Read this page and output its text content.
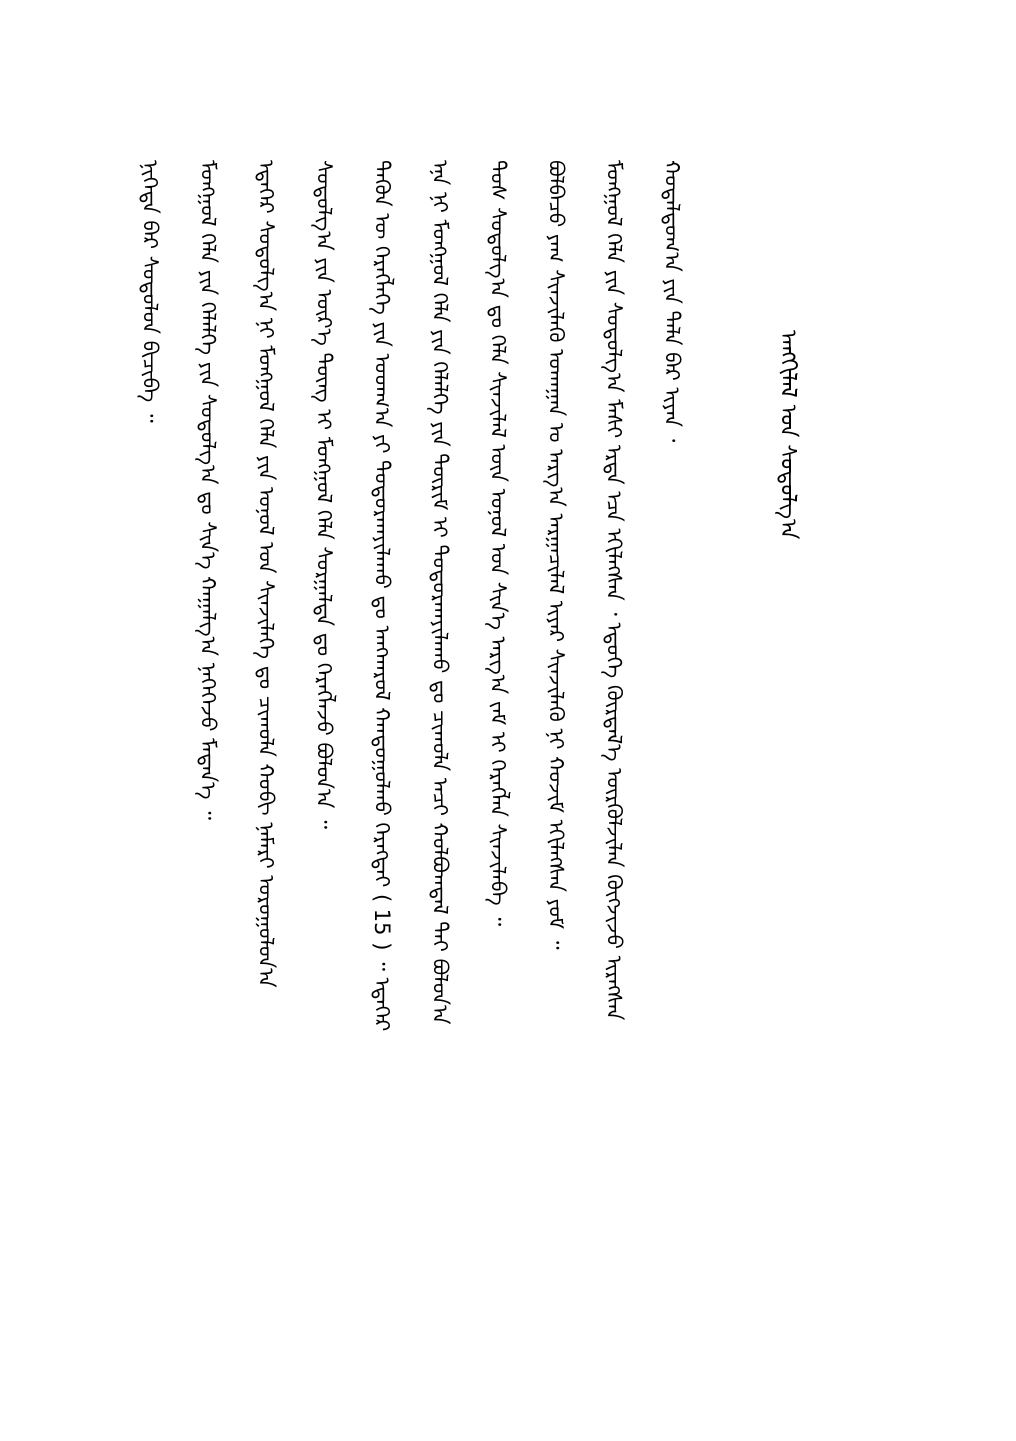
ᠠᠩᠭᠢᠯᠠᠯ ᠤᠨ ᠰᠤᠳᠤᠯᠭ᠎ᠠ
ᠬᠤᠳᠠᠯᠳᠤᠭ᠎ᠠ ᠶᠢᠨ ᠲᠠᠯᠠ ᠪᠠᠷ ᠢᠶᠠᠨ ᠂
ᠮᠣᠩᠭᠣᠯ ᠬᠡᠯᠡ ᠶᠢᠨ ᠰᠤᠳᠤᠯᠭ᠎ᠠ ᠮᠠᠰᠢ ᠡᠷᠲᠡ ᠡᠴᠡ ᠡᠬᠢᠯᠡᠭᠰᠡᠨ ᠂ ᠡᠳᠦᠭᠡ ᠬᠦᠷᠲᠡᠯ᠎ᠡ ᠦᠷᠭᠦᠯᠵᠢᠯᠡᠨ ᠬᠦᠭᠵᠢᠵᠦ ᠢᠷᠡᠭᠰᠡᠨ
ᠪᠣᠯᠪᠠᠴᠤ ᠶᠠᠭ ᠰᠢᠨᠵᠢᠯᠡᠬᠦ ᠤᠬᠠᠭᠠᠨ ᠤ ᠠᠷᠭ᠎ᠠ ᠠᠷᠭᠠᠴᠢᠯᠠᠯ ᠢᠶᠠᠷ ᠰᠢᠨᠵᠢᠯᠡᠬᠦ ᠨᠢ ᠬᠣᠵᠢᠮ ᠡᠬᠢᠯᠡᠭᠰᠡᠨ ᠶᠤᠮ ᠃
ᠲᠤᠰ ᠰᠤᠳᠤᠯᠭ᠎ᠠ ᠳᠤ ᠬᠡᠯᠡ ᠰᠢᠨᠵᠢᠯᠡᠯ ᠦᠨ ᠣᠨᠣᠯ ᠤᠨ ᠰᠢᠨ᠎ᠡ ᠠᠷᠭ᠎ᠠ ᠵᠠᠮ ᠢ ᠬᠡᠷᠡᠭᠯᠡᠨ ᠰᠢᠨᠵᠢᠯᠡᠪᠡ ᠃
ᠡᠨᠡ ᠨᠢ ᠮᠣᠩᠭᠣᠯ ᠬᠡᠯᠡ ᠶᠢᠨ ᠬᠡᠯᠡᠯᠭᠡ ᠶᠢᠨ ᠳᠦᠷᠢᠮ ᠢ ᠲᠣᠳᠣᠷᠬᠠᠶᠢᠯᠠᠬᠤ ᠳᠤ ᠴᠢᠬᠤᠯᠠ ᠠᠴᠢ ᠬᠣᠯᠪᠣᠭᠳᠠᠯ ᠲᠠᠢ ᠪᠣᠯᠤᠨ᠎ᠠ
ᠲᠡᠭᠦᠨ ᠦ ᠬᠡᠷᠡᠭᠯᠡᠭᠡ ᠶᠢᠨ ᠤᠳᠬ᠎ᠠ ᠶᠢ ᠲᠣᠳᠣᠷᠬᠠᠶᠢᠯᠠᠬᠤ ᠳᠤ ᠠᠨᠭᠬᠠᠷᠤᠯ ᠬᠠᠨᠳᠤᠭᠤᠯᠬᠤ ᠬᠡᠷᠡᠭᠲᠡᠢ ( 15 ) ᠃ ᠡᠳᠡᠭᠡᠷ
ᠰᠤᠳᠤᠯᠭ᠎ᠠ ᠶᠢᠨ ᠦᠷ᠎ᠡ ᠳᠦᠩ ᠢ ᠮᠣᠩᠭᠣᠯ ᠬᠡᠯᠡ ᠰᠤᠷᠭᠠᠯᠲᠠ ᠳᠤ ᠬᠡᠷᠡᠭᠯᠡᠵᠦ ᠪᠣᠯᠤᠨ᠎ᠠ ᠃
ᠡᠳᠡᠭᠡᠷ ᠰᠤᠳᠤᠯᠭ᠎ᠠ ᠨᠢ ᠮᠣᠩᠭᠣᠯ ᠬᠡᠯᠡ ᠶᠢᠨ ᠣᠨᠣᠯ ᠤᠨ ᠰᠢᠨᠵᠢᠯᠡᠭᠡ ᠳᠤ ᠴᠢᠬᠤᠯᠠ ᠬᠤᠪᠢ ᠨᠡᠮᠡᠷᠢ ᠣᠷᠣᠭᠤᠯᠤᠨ᠎ᠠ
ᠮᠣᠩᠭᠣᠯ ᠬᠡᠯᠡ ᠶᠢᠨ ᠬᠡᠯᠡᠯᠭᠡ ᠶᠢᠨ ᠰᠤᠳᠤᠯᠭ᠎ᠠ ᠳᠤ ᠰᠢᠨ᠎ᠡ ᠬᠠᠭᠠᠯᠭ᠎ᠠ ᠨᠡᠭᠡᠭᠡᠵᠦ ᠮᠡᠳᠡᠨ᠎ᠡ ᠃
ᠨᠢᠭᠡᠲᠡ ᠪᠡᠷ ᠰᠤᠳᠤᠯᠤᠨ ᠪᠢᠴᠢᠪᠡ ᠃
